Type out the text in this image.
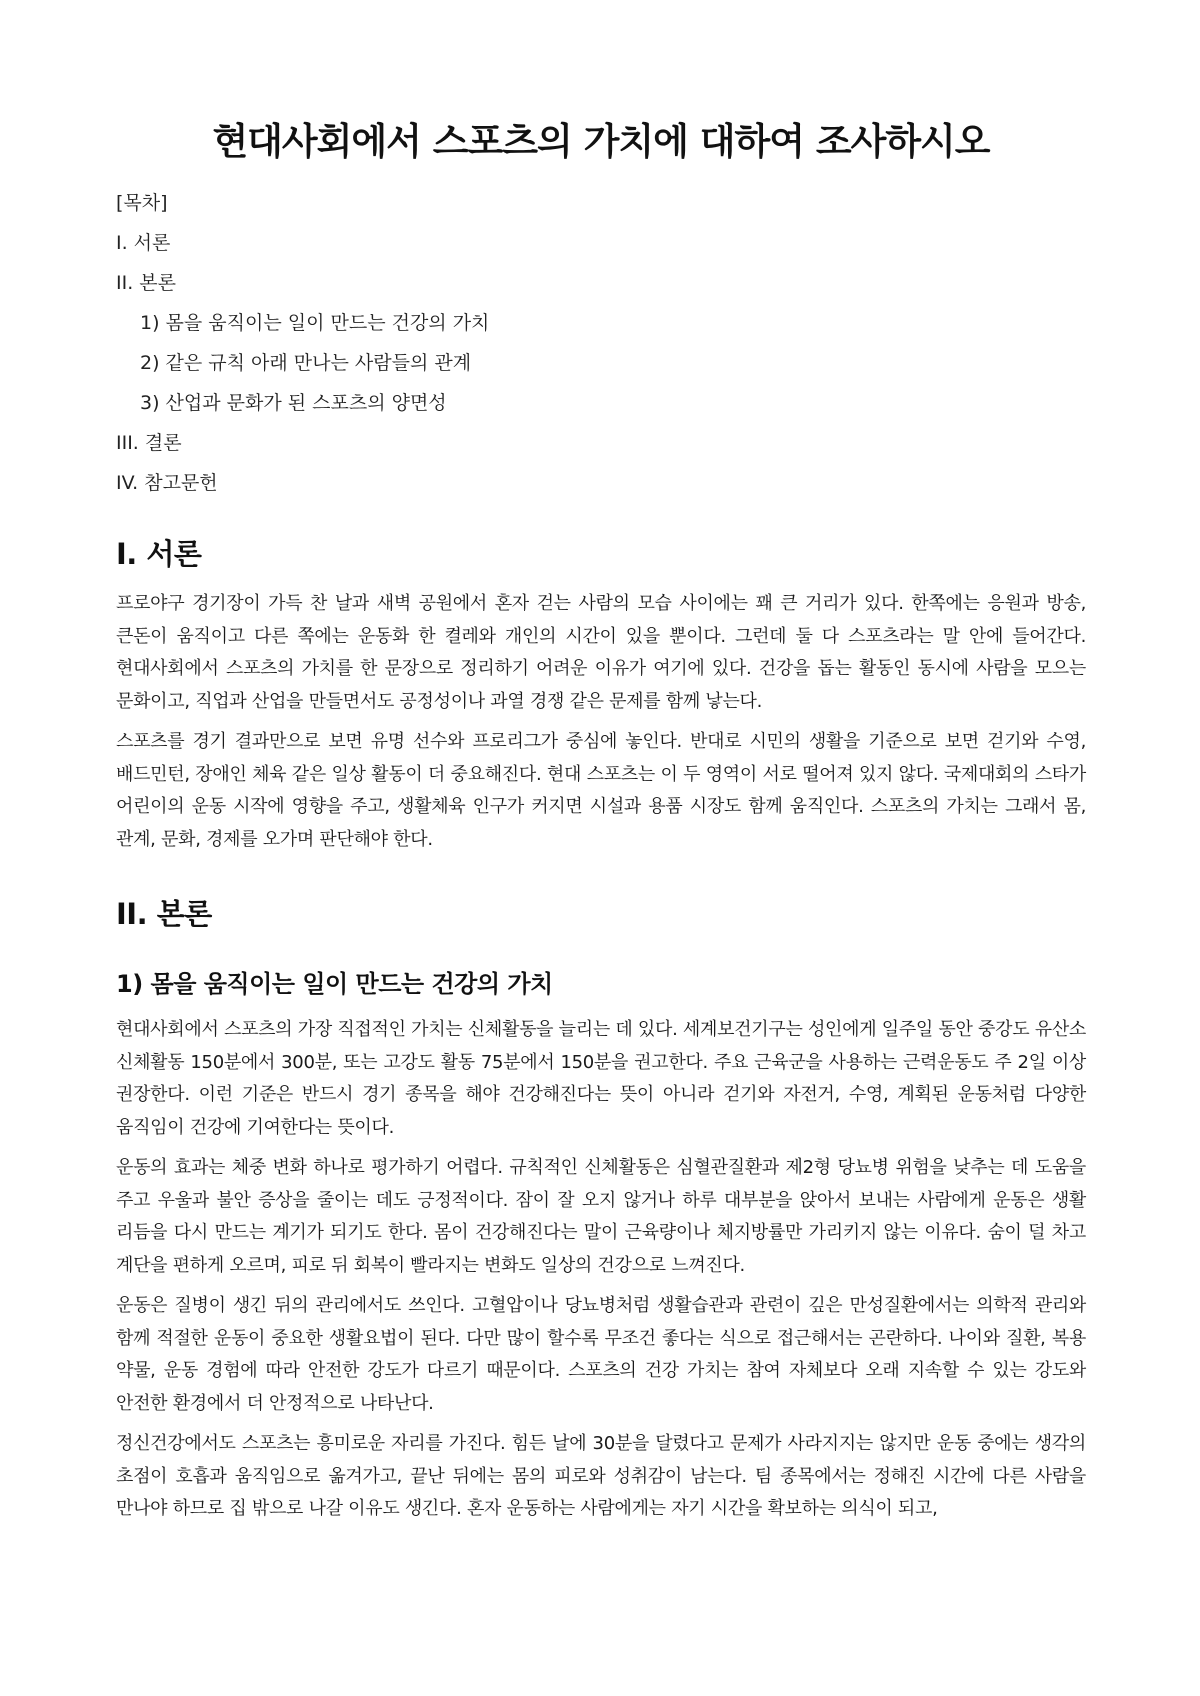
현대사회에서 스포츠의 가치에 대하여 조사하시오
[목차]
I. 서론
II. 본론
1) 몸을 움직이는 일이 만드는 건강의 가치
2) 같은 규칙 아래 만나는 사람들의 관계
3) 산업과 문화가 된 스포츠의 양면성
III. 결론
IV. 참고문헌
I. 서론

프로야구 경기장이 가득 찬 날과 새벽 공원에서 혼자 걷는 사람의 모습 사이에는 꽤 큰 거리가 있다. 한쪽에는 응원과 방송, 큰돈이 움직이고 다른 쪽에는 운동화 한 켤레와 개인의 시간이 있을 뿐이다. 그런데 둘 다 스포츠라는 말 안에 들어간다. 현대사회에서 스포츠의 가치를 한 문장으로 정리하기 어려운 이유가 여기에 있다. 건강을 돕는 활동인 동시에 사람을 모으는 문화이고, 직업과 산업을 만들면서도 공정성이나 과열 경쟁 같은 문제를 함께 낳는다.

스포츠를 경기 결과만으로 보면 유명 선수와 프로리그가 중심에 놓인다. 반대로 시민의 생활을 기준으로 보면 걷기와 수영, 배드민턴, 장애인 체육 같은 일상 활동이 더 중요해진다. 현대 스포츠는 이 두 영역이 서로 떨어져 있지 않다. 국제대회의 스타가 어린이의 운동 시작에 영향을 주고, 생활체육 인구가 커지면 시설과 용품 시장도 함께 움직인다. 스포츠의 가치는 그래서 몸, 관계, 문화, 경제를 오가며 판단해야 한다.

II. 본론
1) 몸을 움직이는 일이 만드는 건강의 가치

현대사회에서 스포츠의 가장 직접적인 가치는 신체활동을 늘리는 데 있다. 세계보건기구는 성인에게 일주일 동안 중강도 유산소 신체활동 150분에서 300분, 또는 고강도 활동 75분에서 150분을 권고한다. 주요 근육군을 사용하는 근력운동도 주 2일 이상 권장한다. 이런 기준은 반드시 경기 종목을 해야 건강해진다는 뜻이 아니라 걷기와 자전거, 수영, 계획된 운동처럼 다양한 움직임이 건강에 기여한다는 뜻이다.

운동의 효과는 체중 변화 하나로 평가하기 어렵다. 규칙적인 신체활동은 심혈관질환과 제2형 당뇨병 위험을 낮추는 데 도움을 주고 우울과 불안 증상을 줄이는 데도 긍정적이다. 잠이 잘 오지 않거나 하루 대부분을 앉아서 보내는 사람에게 운동은 생활 리듬을 다시 만드는 계기가 되기도 한다. 몸이 건강해진다는 말이 근육량이나 체지방률만 가리키지 않는 이유다. 숨이 덜 차고 계단을 편하게 오르며, 피로 뒤 회복이 빨라지는 변화도 일상의 건강으로 느껴진다.

운동은 질병이 생긴 뒤의 관리에서도 쓰인다. 고혈압이나 당뇨병처럼 생활습관과 관련이 깊은 만성질환에서는 의학적 관리와 함께 적절한 운동이 중요한 생활요법이 된다. 다만 많이 할수록 무조건 좋다는 식으로 접근해서는 곤란하다. 나이와 질환, 복용 약물, 운동 경험에 따라 안전한 강도가 다르기 때문이다. 스포츠의 건강 가치는 참여 자체보다 오래 지속할 수 있는 강도와 안전한 환경에서 더 안정적으로 나타난다.

정신건강에서도 스포츠는 흥미로운 자리를 가진다. 힘든 날에 30분을 달렸다고 문제가 사라지지는 않지만 운동 중에는 생각의 초점이 호흡과 움직임으로 옮겨가고, 끝난 뒤에는 몸의 피로와 성취감이 남는다. 팀 종목에서는 정해진 시간에 다른 사람을 만나야 하므로 집 밖으로 나갈 이유도 생긴다. 혼자 운동하는 사람에게는 자기 시간을 확보하는 의식이 되고,
